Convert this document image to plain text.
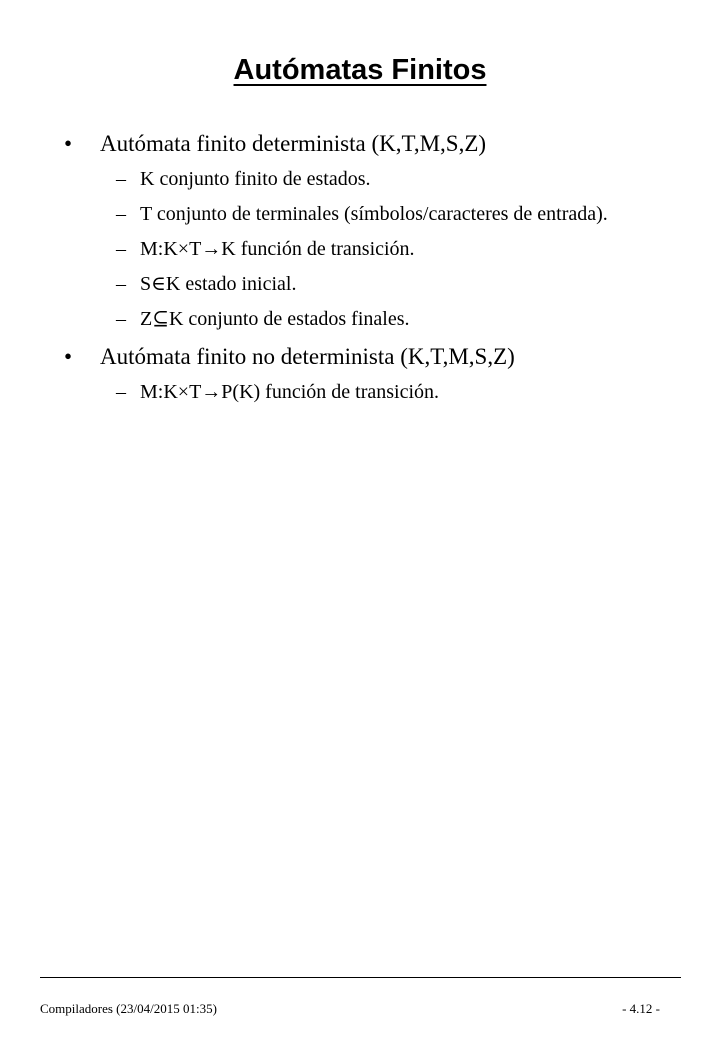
Autómatas Finitos
•	Autómata finito determinista (K,T,M,S,Z)
– K conjunto finito de estados.
– T conjunto de terminales (símbolos/caracteres de entrada).
– M:K×T→K función de transición.
– S∈K estado inicial.
– Z⊆K conjunto de estados finales.
•	Autómata finito no determinista (K,T,M,S,Z)
– M:K×T→P(K) función de transición.
Compiladores (23/04/2015 01:35)	- 4.12 -
